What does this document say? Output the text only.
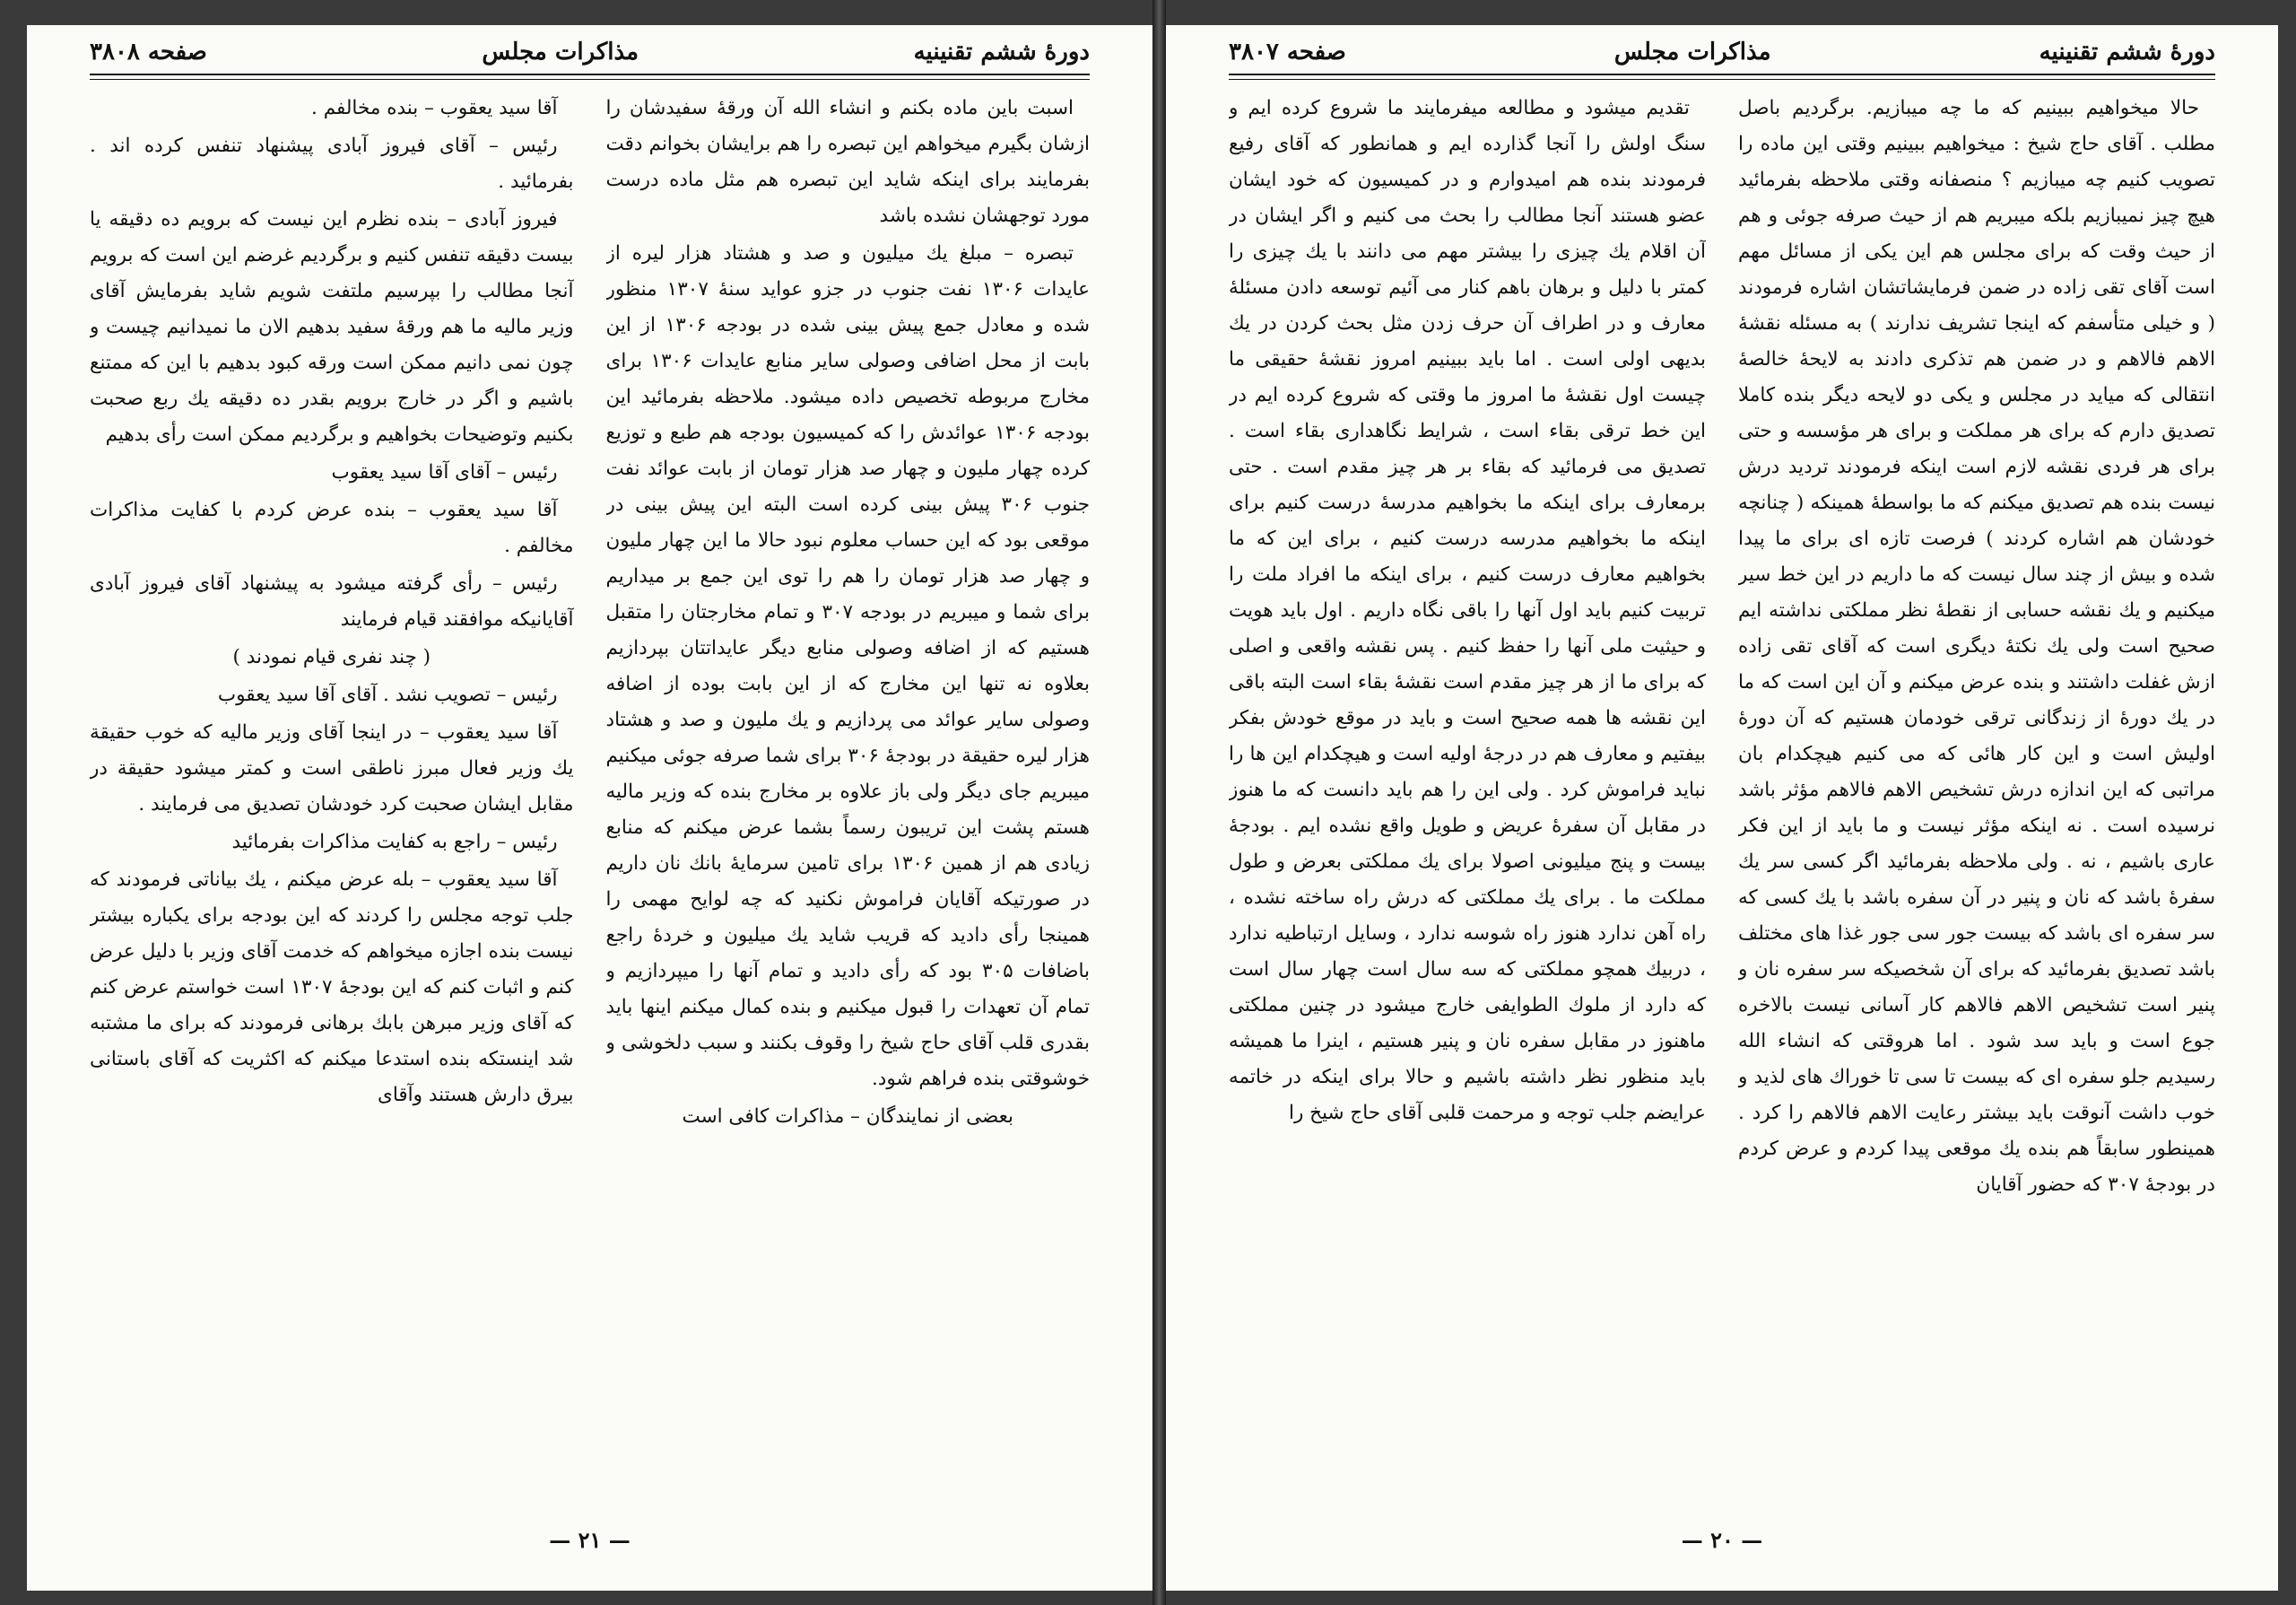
دورهٔ ششم تقنینیه
مذاکرات مجلس
صفحه ۳۸۰۸

اسبت باین ماده بکنم و انشاء الله آن ورقهٔ سفیدشان را ازشان بگیرم میخواهم این تبصره را هم برایشان بخوانم دقت بفرمایند برای اینکه شاید این تبصره هم مثل ماده درست مورد توجهشان نشده باشد

تبصره – مبلغ یك میلیون و صد و هشتاد هزار لیره از عایدات ۱۳۰۶ نفت جنوب در جزو عواید سنهٔ ۱۳۰۷ منظور شده و معادل جمع پیش بینی شده در بودجه ۱۳۰۶ از این بابت از محل اضافی وصولی سایر منابع عایدات ۱۳۰۶ برای مخارج مربوطه تخصیص داده میشود. ملاحظه بفرمائید این بودجه ۱۳۰۶ عوائدش را که کمیسیون بودجه هم طبع و توزیع کرده چهار ملیون و چهار صد هزار تومان از بابت عوائد نفت جنوب ۳۰۶ پیش بینی کرده است البته این پیش بینی در موقعی بود که این حساب معلوم نبود حالا ما این چهار ملیون و چهار صد هزار تومان را هم را توی این جمع بر میداریم برای شما و میبریم در بودجه ۳۰۷ و تمام مخارجتان را متقبل هستیم که از اضافه وصولی منابع دیگر عایداتتان بپردازیم بعلاوه نه تنها این مخارج که از این بابت بوده از اضافه وصولی سایر عوائد می پردازیم و یك ملیون و صد و هشتاد هزار لیره حقیقة در بودجهٔ ۳۰۶ برای شما صرفه جوئی میکنیم میبریم جای دیگر ولی باز علاوه بر مخارج بنده که وزیر مالیه هستم پشت این تریبون رسماً بشما عرض میکنم که منابع زیادی هم از همین ۱۳۰۶ برای تامین سرمایهٔ بانك نان داریم در صورتیکه آقایان فراموش نکنید که چه لوایح مهمی را همینجا رأی دادید که قریب شاید یك میلیون و خردهٔ راجع باضافات ۳۰۵ بود که رأی دادید و تمام آنها را میپردازیم و تمام آن تعهدات را قبول میکنیم و بنده کمال میکنم اینها باید بقدری قلب آقای حاج شیخ را وقوف بکنند و سبب دلخوشی و خوشوقتی بنده فراهم شود.

بعضی از نمایندگان – مذاکرات کافی است

آقا سید یعقوب – بنده مخالفم .

رئیس – آقای فیروز آبادی پیشنهاد تنفس کرده اند . بفرمائید .

فیروز آبادی – بنده نظرم این نیست که برویم ده دقیقه یا بیست دقیقه تنفس کنیم و برگردیم غرضم این است که برویم آنجا مطالب را بپرسیم ملتفت شویم شاید بفرمایش آقای وزیر مالیه ما هم ورقهٔ سفید بدهیم الان ما نمیدانیم چیست و چون نمی دانیم ممکن است ورقه کبود بدهیم با این که ممتنع باشیم و اگر در خارج برویم بقدر ده دقیقه یك ربع صحبت بکنیم وتوضیحات بخواهیم و برگردیم ممکن است رأی بدهیم

رئیس – آقای آقا سید یعقوب

آقا سید یعقوب – بنده عرض کردم با کفایت مذاکرات مخالفم .

رئیس – رأی گرفته میشود به پیشنهاد آقای فیروز آبادی آقایانیکه موافقند قیام فرمایند

( چند نفری قیام نمودند )

رئیس – تصویب نشد . آقای آقا سید یعقوب

آقا سید یعقوب – در اینجا آقای وزیر مالیه که خوب حقیقة یك وزیر فعال مبرز ناطقی است و کمتر میشود حقیقة در مقابل ایشان صحبت کرد خودشان تصدیق می فرمایند .

رئیس – راجع به کفایت مذاکرات بفرمائید

آقا سید یعقوب – بله عرض میکنم ، یك بیاناتی فرمودند که جلب توجه مجلس را کردند که این بودجه برای یکباره بیشتر نیست بنده اجازه میخواهم که خدمت آقای وزیر با دلیل عرض کنم و اثبات کنم که این بودجهٔ ۱۳۰۷ است خواستم عرض کنم که آقای وزیر مبرهن بابك برهانی فرمودند که برای ما مشتبه شد اینستکه بنده استدعا میکنم که اکثریت که آقای باستانی بیرق دارش هستند وآقای

— ۲۱ —
دورهٔ ششم تقنینیه
مذاکرات مجلس
صفحه ۳۸۰۷

حالا میخواهیم ببینیم که ما چه میبازیم. برگردیم باصل مطلب . آقای حاج شیخ : میخواهیم ببینیم وقتی این ماده را تصویب کنیم چه میبازیم ؟ منصفانه وقتی ملاحظه بفرمائید هیچ چیز نمیبازیم بلکه میبریم هم از حیث صرفه جوئی و هم از حیث وقت که برای مجلس هم این یکی از مسائل مهم است آقای تقی زاده در ضمن فرمایشاتشان اشاره فرمودند ( و خیلی متأسفم که اینجا تشریف ندارند ) به مسئله نقشهٔ الاهم فالاهم و در ضمن هم تذکری دادند به لایحهٔ خالصهٔ انتقالی که میاید در مجلس و یکی دو لایحه دیگر بنده کاملا تصدیق دارم که برای هر مملکت و برای هر مؤسسه و حتی برای هر فردی نقشه لازم است اینکه فرمودند تردید درش نیست بنده هم تصدیق میکنم که ما بواسطهٔ همینکه ( چنانچه خودشان هم اشاره کردند ) فرصت تازه ای برای ما پیدا شده و بیش از چند سال نیست که ما داریم در این خط سیر میکنیم و یك نقشه حسابی از نقطهٔ نظر مملکتی نداشته ایم صحیح است ولی یك نکتهٔ دیگری است که آقای تقی زاده ازش غفلت داشتند و بنده عرض میکنم و آن این است که ما در یك دورهٔ از زندگانی ترقی خودمان هستیم که آن دورهٔ اولیش است و این کار هائی که می کنیم هیچکدام بان مراتبی که این اندازه درش تشخیص الاهم فالاهم مؤثر باشد نرسیده است . نه اینکه مؤثر نیست و ما باید از این فکر عاری باشیم ، نه . ولی ملاحظه بفرمائید اگر کسی سر یك سفرهٔ باشد که نان و پنیر در آن سفره باشد با یك کسی که سر سفره ای باشد که بیست جور سی جور غذا های مختلف باشد تصدیق بفرمائید که برای آن شخصیکه سر سفره نان و پنیر است تشخیص الاهم فالاهم کار آسانی نیست بالاخره جوع است و باید سد شود . اما هروقتی که انشاء الله رسیدیم جلو سفره ای که بیست تا سی تا خوراك های لذید و خوب داشت آنوقت باید بیشتر رعایت الاهم فالاهم را کرد . همینطور سابقاً هم بنده یك موقعی پیدا کردم و عرض کردم در بودجهٔ ۳۰۷ که حضور آقایان

تقدیم میشود و مطالعه میفرمایند ما شروع کرده ایم و سنگ اولش را آنجا گذارده ایم و همانطور که آقای رفیع فرمودند بنده هم امیدوارم و در کمیسیون که خود ایشان عضو هستند آنجا مطالب را بحث می کنیم و اگر ایشان در آن اقلام یك چیزی را بیشتر مهم می دانند با یك چیزی را کمتر با دلیل و برهان باهم کنار می آئیم توسعه دادن مسئلهٔ معارف و در اطراف آن حرف زدن مثل بحث کردن در یك بدیهی اولی است . اما باید ببینیم امروز نقشهٔ حقیقی ما چیست اول نقشهٔ ما امروز ما وقتی که شروع کرده ایم در این خط ترقی بقاء است ، شرایط نگاهداری بقاء است . تصدیق می فرمائید که بقاء بر هر چیز مقدم است . حتی برمعارف برای اینکه ما بخواهیم مدرسهٔ درست کنیم برای اینکه ما بخواهیم مدرسه درست کنیم ، برای این که ما بخواهیم معارف درست کنیم ، برای اینکه ما افراد ملت را تربیت کنیم باید اول آنها را باقی نگاه داریم . اول باید هویت و حیثیت ملی آنها را حفظ کنیم . پس نقشه واقعی و اصلی که برای ما از هر چیز مقدم است نقشهٔ بقاء است البته باقی این نقشه ها همه صحیح است و باید در موقع خودش بفکر بیفتیم و معارف هم در درجهٔ اولیه است و هیچکدام این ها را نباید فراموش کرد . ولی این را هم باید دانست که ما هنوز در مقابل آن سفرهٔ عریض و طویل واقع نشده ایم . بودجهٔ بیست و پنج میلیونی اصولا برای یك مملکتی بعرض و طول مملکت ما . برای یك مملکتی که درش راه ساخته نشده ، راه آهن ندارد هنوز راه شوسه ندارد ، وسایل ارتباطیه ندارد ، دربیك همچو مملکتی که سه سال است چهار سال است که دارد از ملوك الطوایفی خارج میشود در چنین مملکتی ماهنوز در مقابل سفره نان و پنیر هستیم ، اینرا ما همیشه باید منظور نظر داشته باشیم و حالا برای اینکه در خاتمه عرایضم جلب توجه و مرحمت قلبی آقای حاج شیخ را

— ۲۰ —
